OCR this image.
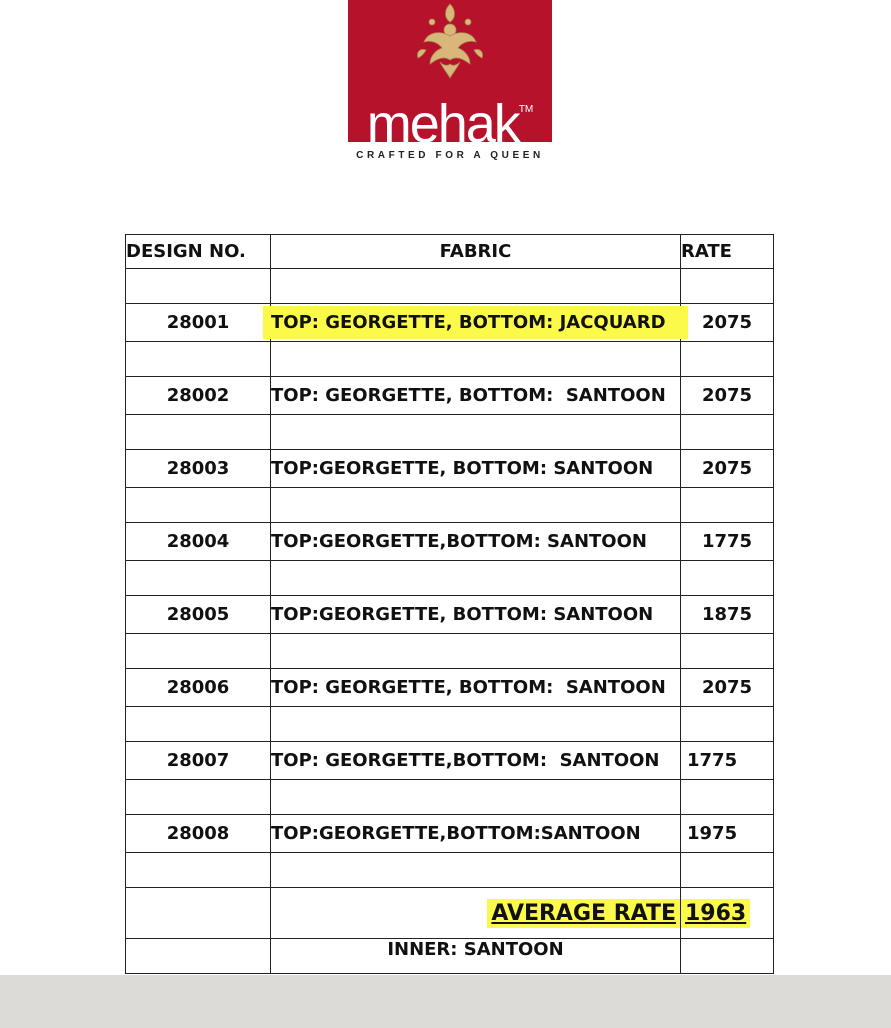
mehak™
CRAFTED FOR A QUEEN
DESIGN NO.	FABRIC	RATE

28001	TOP: GEORGETTE, BOTTOM: JACQUARD	2075

28002	TOP: GEORGETTE, BOTTOM:  SANTOON	2075

28003	TOP:GEORGETTE, BOTTOM: SANTOON	2075

28004	TOP:GEORGETTE,BOTTOM: SANTOON	1775

28005	TOP:GEORGETTE, BOTTOM: SANTOON	1875

28006	TOP: GEORGETTE, BOTTOM:  SANTOON	2075

28007	TOP: GEORGETTE,BOTTOM:  SANTOON	1775

28008	TOP:GEORGETTE,BOTTOM:SANTOON	1975

	AVERAGE RATE	1963
	INNER: SANTOON	
